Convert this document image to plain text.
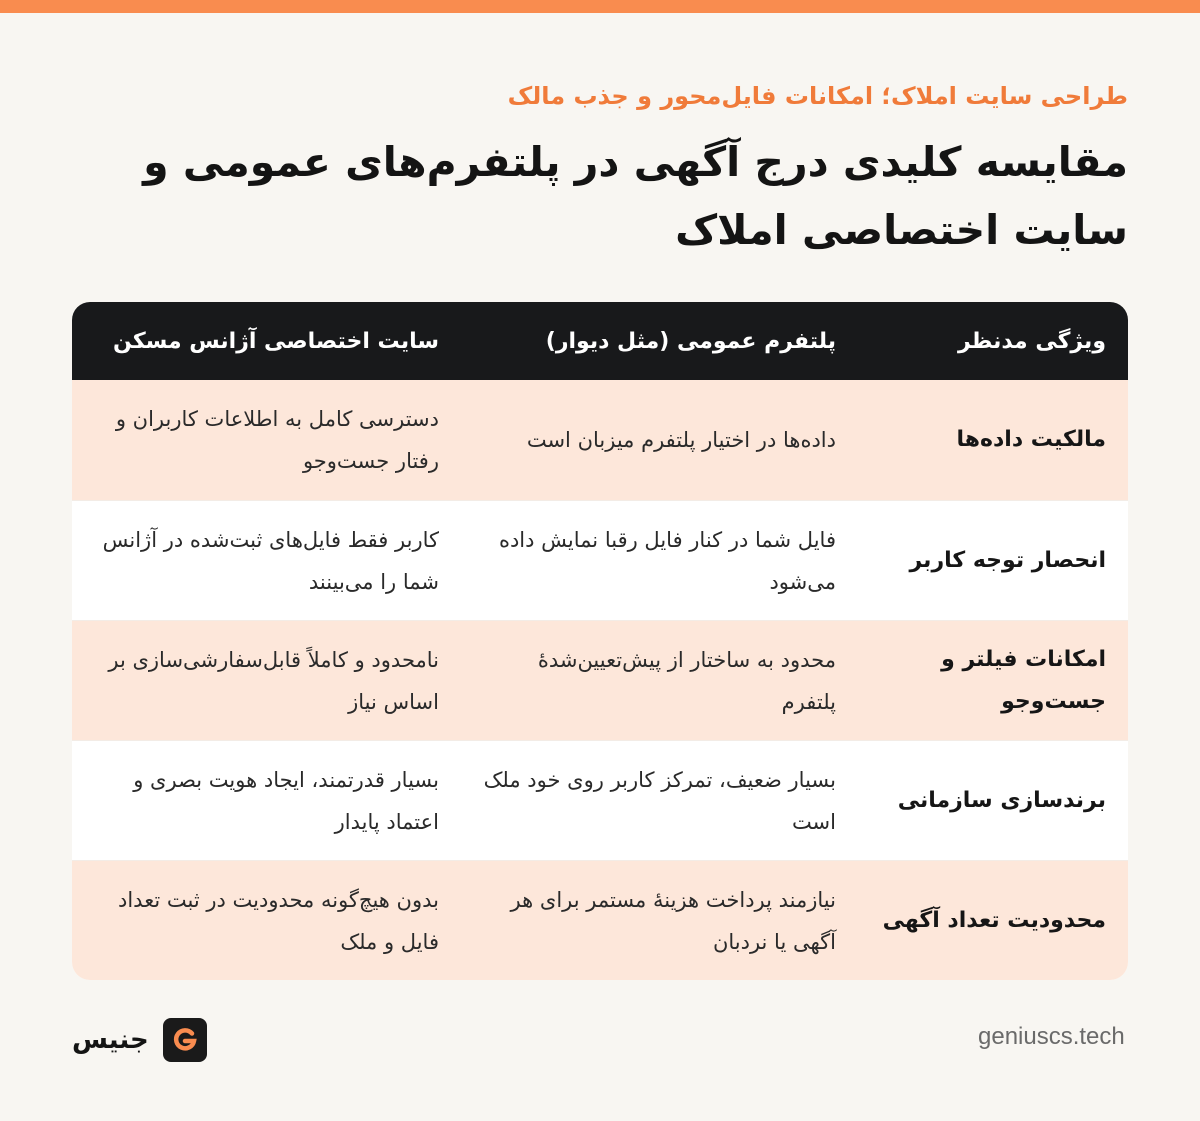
طراحی سایت املاک؛ امکانات فایل‌محور و جذب مالک
مقایسه کلیدی درج آگهی در پلتفرم‌های عمومی و سایت اختصاصی املاک
ویژگی مدنظر
پلتفرم عمومی (مثل دیوار)
سایت اختصاصی آژانس مسکن
مالکیت داده‌ها
داده‌ها در اختیار پلتفرم میزبان است
دسترسی کامل به اطلاعات کاربران و رفتار جست‌وجو
انحصار توجه کاربر
فایل شما در کنار فایل رقبا نمایش داده می‌شود
کاربر فقط فایل‌های ثبت‌شده در آژانس شما را می‌بینند
امکانات فیلتر و جست‌وجو
محدود به ساختار از پیش‌تعیین‌شدهٔ پلتفرم
نامحدود و کاملاً قابل‌سفارشی‌سازی بر اساس نیاز
برندسازی سازمانی
بسیار ضعیف، تمرکز کاربر روی خود ملک است
بسیار قدرتمند، ایجاد هویت بصری و اعتماد پایدار
محدودیت تعداد آگهی
نیازمند پرداخت هزینهٔ مستمر برای هر آگهی یا نردبان
بدون هیچ‌گونه محدودیت در ثبت تعداد فایل و ملک
جنیس	geniuscs.tech
